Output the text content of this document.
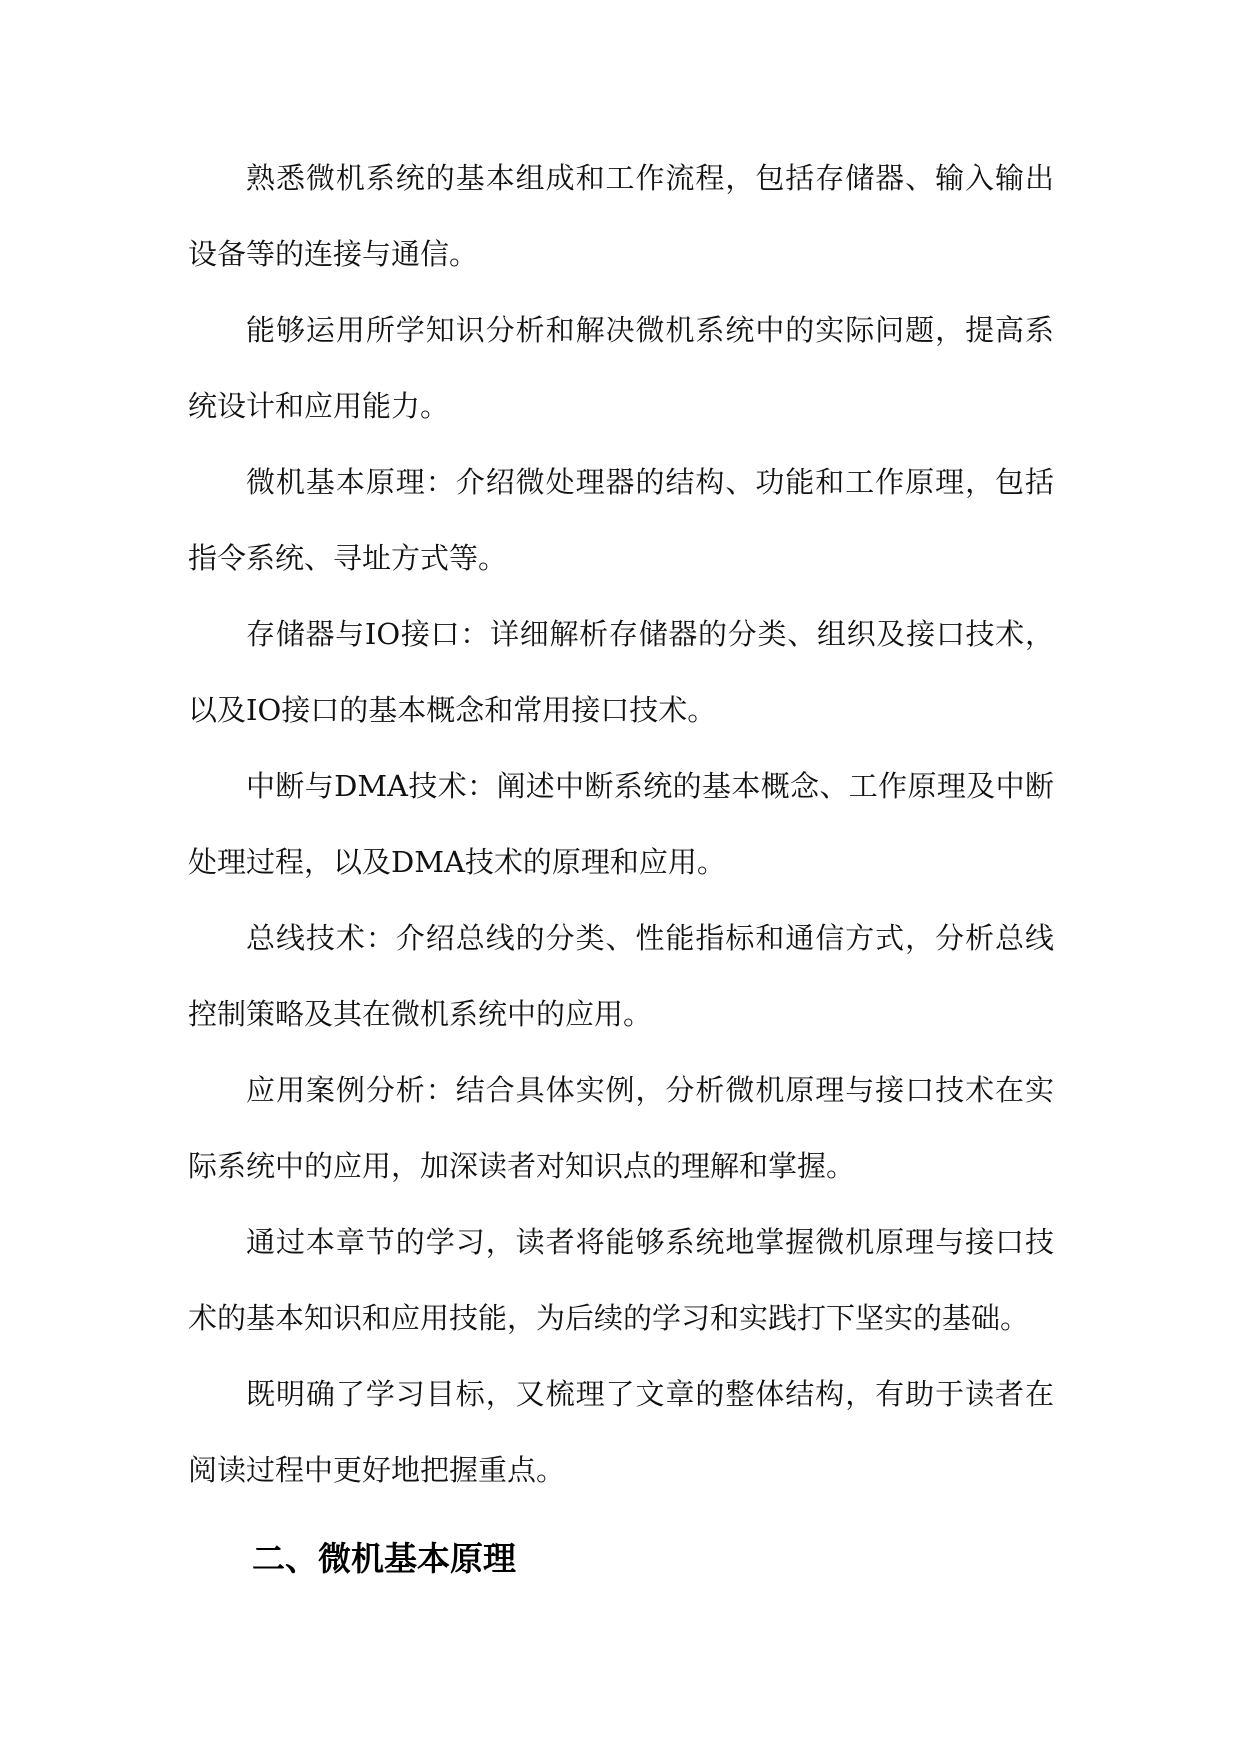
熟悉微机系统的基本组成和工作流程，包括存储器、输入输出设备等的连接与通信。

能够运用所学知识分析和解决微机系统中的实际问题，提高系统设计和应用能力。

微机基本原理：介绍微处理器的结构、功能和工作原理，包括指令系统、寻址方式等。

存储器与IO接口：详细解析存储器的分类、组织及接口技术，以及IO接口的基本概念和常用接口技术。

中断与DMA技术：阐述中断系统的基本概念、工作原理及中断处理过程，以及DMA技术的原理和应用。

总线技术：介绍总线的分类、性能指标和通信方式，分析总线控制策略及其在微机系统中的应用。

应用案例分析：结合具体实例，分析微机原理与接口技术在实际系统中的应用，加深读者对知识点的理解和掌握。

通过本章节的学习，读者将能够系统地掌握微机原理与接口技术的基本知识和应用技能，为后续的学习和实践打下坚实的基础。

既明确了学习目标，又梳理了文章的整体结构，有助于读者在阅读过程中更好地把握重点。

二、微机基本原理
